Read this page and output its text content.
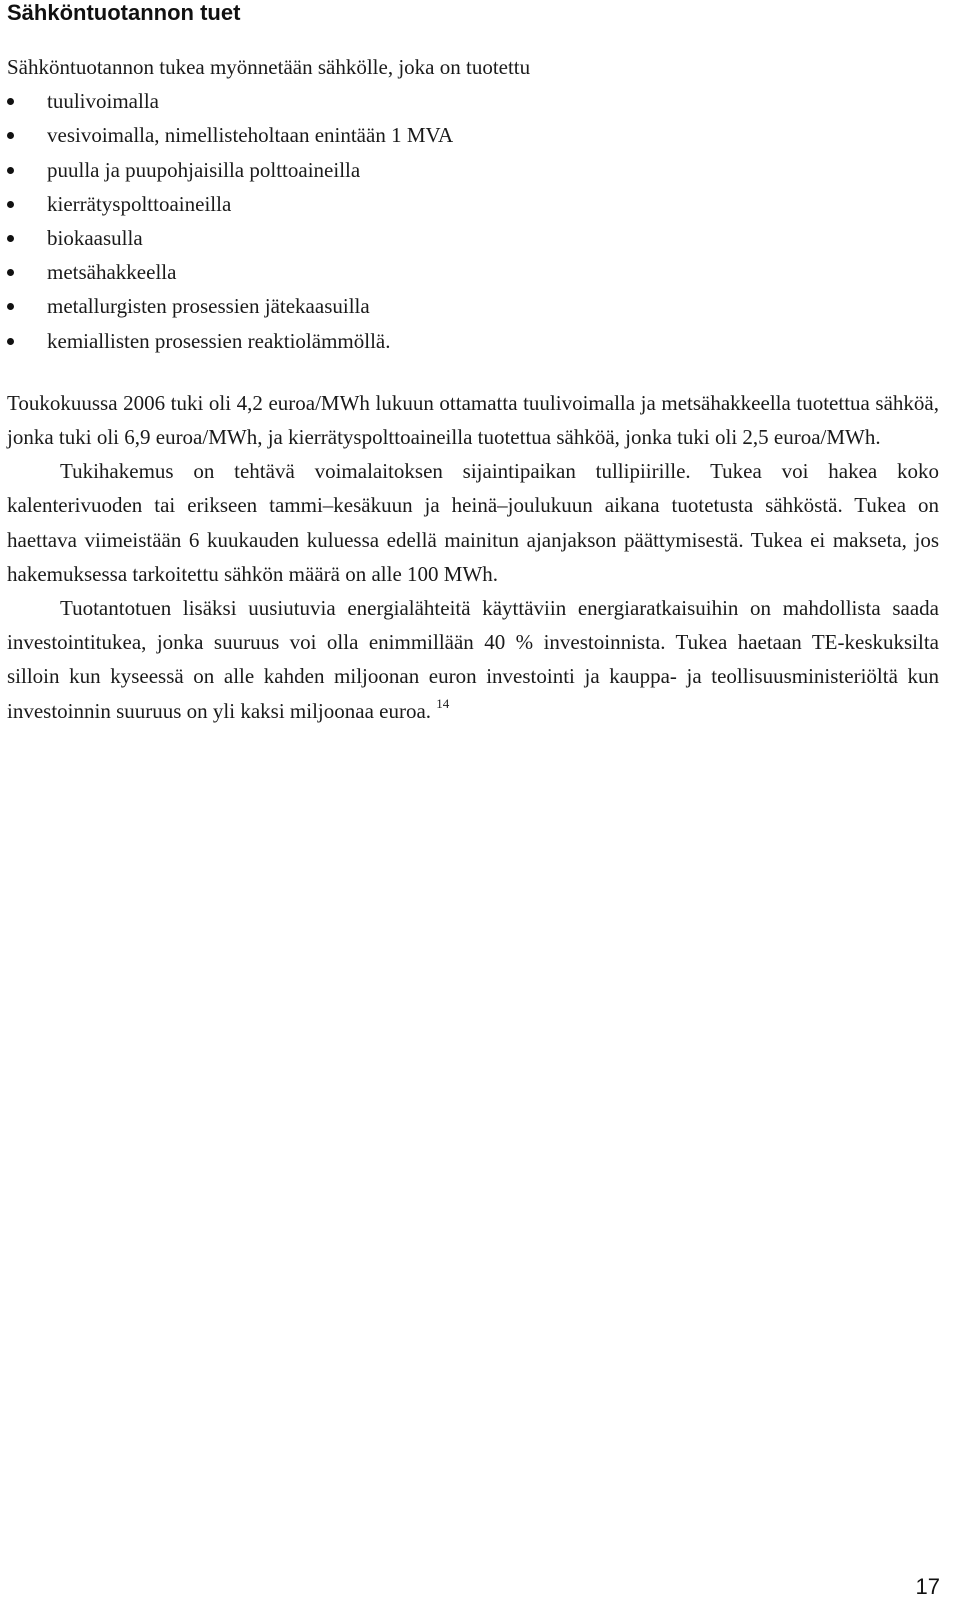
Sähköntuotannon tuet

Sähköntuotannon tukea myönnetään sähkölle, joka on tuotettu

tuulivoimalla
vesivoimalla, nimellisteholtaan enintään 1 MVA
puulla ja puupohjaisilla polttoaineilla
kierrätyspolttoaineilla
biokaasulla
metsähakkeella
metallurgisten prosessien jätekaasuilla
kemiallisten prosessien reaktiolämmöllä.

Toukokuussa 2006 tuki oli 4,2 euroa/MWh lukuun ottamatta tuulivoimalla ja metsähakkeella tuotettua sähköä, jonka tuki oli 6,9 euroa/MWh, ja kierrätyspolttoaineilla tuotettua sähköä, jonka tuki oli 2,5 euroa/MWh.

Tukihakemus on tehtävä voimalaitoksen sijaintipaikan tullipiirille. Tukea voi hakea koko kalenterivuoden tai erikseen tammi–kesäkuun ja heinä–joulukuun aikana tuotetusta sähköstä. Tukea on haettava viimeistään 6 kuukauden kuluessa edellä mainitun ajanjakson päättymisestä. Tukea ei makseta, jos hakemuksessa tarkoitettu sähkön määrä on alle 100 MWh.

Tuotantotuen lisäksi uusiutuvia energialähteitä käyttäviin energiaratkaisuihin on mahdollista saada investointitukea, jonka suuruus voi olla enimmillään 40 % investoinnista. Tukea haetaan TE-keskuksilta silloin kun kyseessä on alle kahden miljoonan euron investointi ja kauppa- ja teollisuusministeriöltä kun investoinnin suuruus on yli kaksi miljoonaa euroa. $^{14}$

17
